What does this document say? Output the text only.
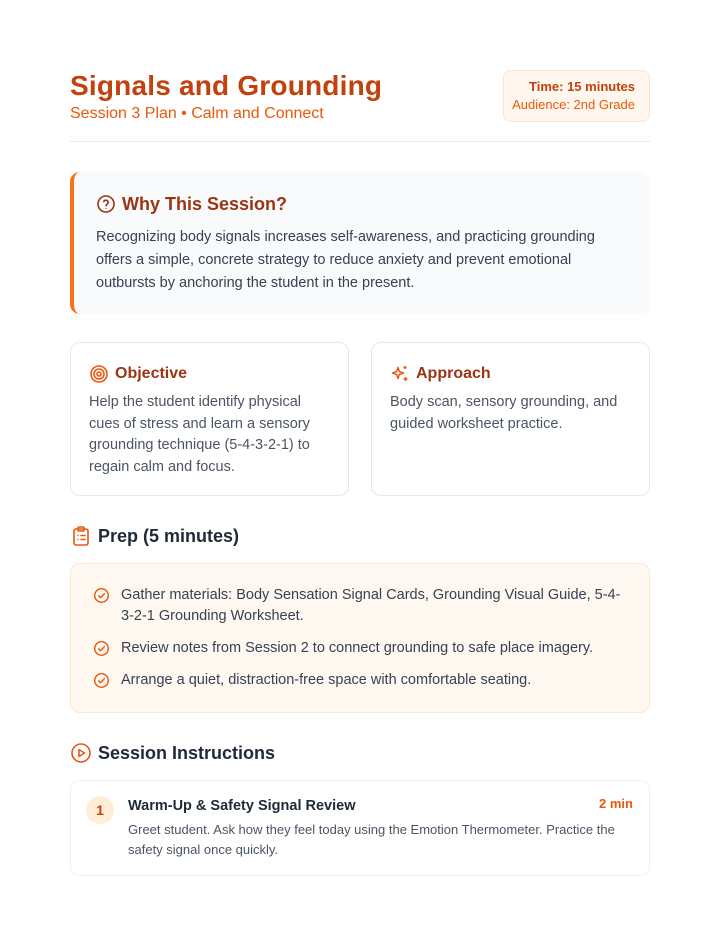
Signals and Grounding
Session 3 Plan • Calm and Connect
Time: 15 minutes
Audience: 2nd Grade
Why This Session?
Recognizing body signals increases self-awareness, and practicing grounding offers a simple, concrete strategy to reduce anxiety and prevent emotional outbursts by anchoring the student in the present.
Objective
Help the student identify physical cues of stress and learn a sensory grounding technique (5-4-3-2-1) to regain calm and focus.
Approach
Body scan, sensory grounding, and guided worksheet practice.
Prep (5 minutes)
Gather materials: Body Sensation Signal Cards, Grounding Visual Guide, 5-4-3-2-1 Grounding Worksheet.
Review notes from Session 2 to connect grounding to safe place imagery.
Arrange a quiet, distraction-free space with comfortable seating.
Session Instructions
1	Warm-Up & Safety Signal Review	2 min
Greet student. Ask how they feel today using the Emotion Thermometer. Practice the safety signal once quickly.
